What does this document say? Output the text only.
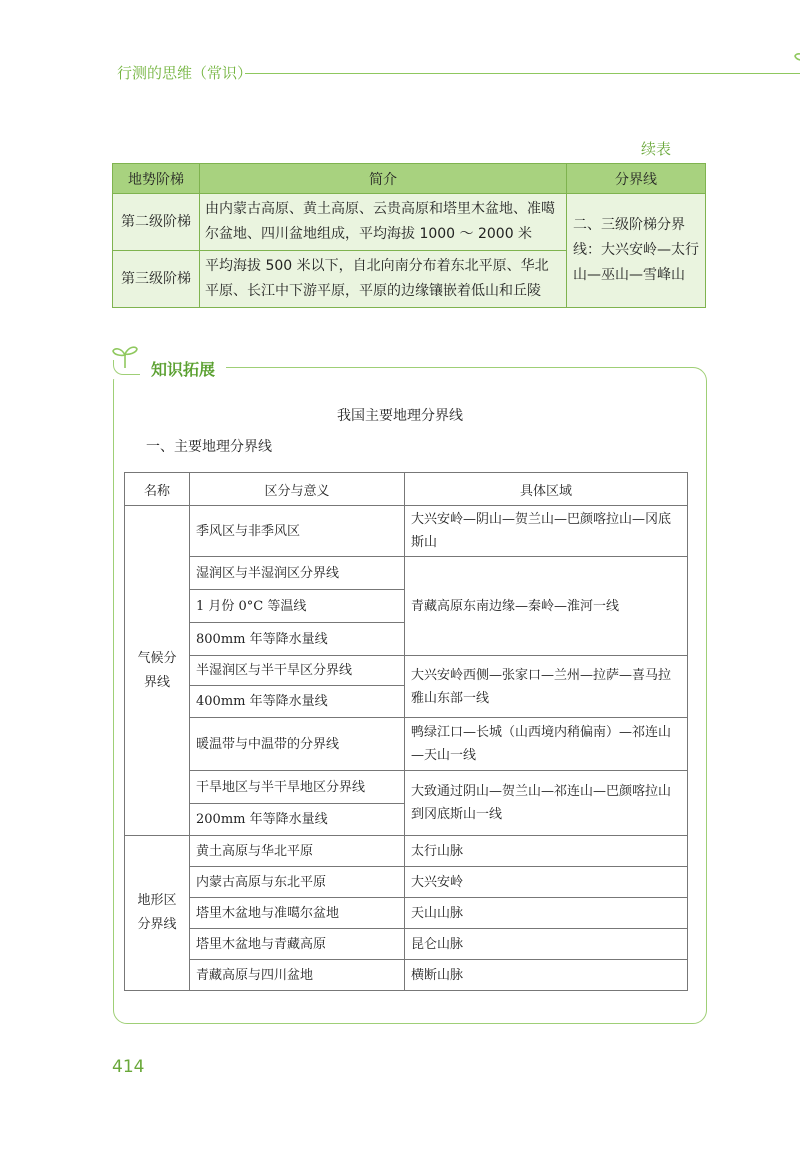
行测的思维（常识）
续表
地势阶梯	简介	分界线
第二级阶梯	由内蒙古高原、黄土高原、云贵高原和塔里木盆地、准噶尔盆地、四川盆地组成，平均海拔 1000 ～ 2000 米	二、三级阶梯分界线：大兴安岭—太行山—巫山—雪峰山
第三级阶梯	平均海拔 500 米以下，自北向南分布着东北平原、华北平原、长江中下游平原，平原的边缘镶嵌着低山和丘陵	
知识拓展
我国主要地理分界线
一、主要地理分界线
名称	区分与意义	具体区域

气候分界线	季风区与非季风区	大兴安岭—阴山—贺兰山—巴颜喀拉山—冈底斯山
	湿润区与半湿润区分界线	青藏高原东南边缘—秦岭—淮河一线
	1 月份 0°C 等温线	
	800mm 年等降水量线	
	半湿润区与半干旱区分界线	大兴安岭西侧—张家口—兰州—拉萨—喜马拉雅山东部一线
	400mm 年等降水量线	
	暖温带与中温带的分界线	鸭绿江口—长城（山西境内稍偏南）—祁连山—天山一线
	干旱地区与半干旱地区分界线	大致通过阴山—贺兰山—祁连山—巴颜喀拉山到冈底斯山一线
	200mm 年等降水量线	

地形区分界线	黄土高原与华北平原	太行山脉
	内蒙古高原与东北平原	大兴安岭
	塔里木盆地与准噶尔盆地	天山山脉
	塔里木盆地与青藏高原	昆仑山脉
	青藏高原与四川盆地	横断山脉
414
